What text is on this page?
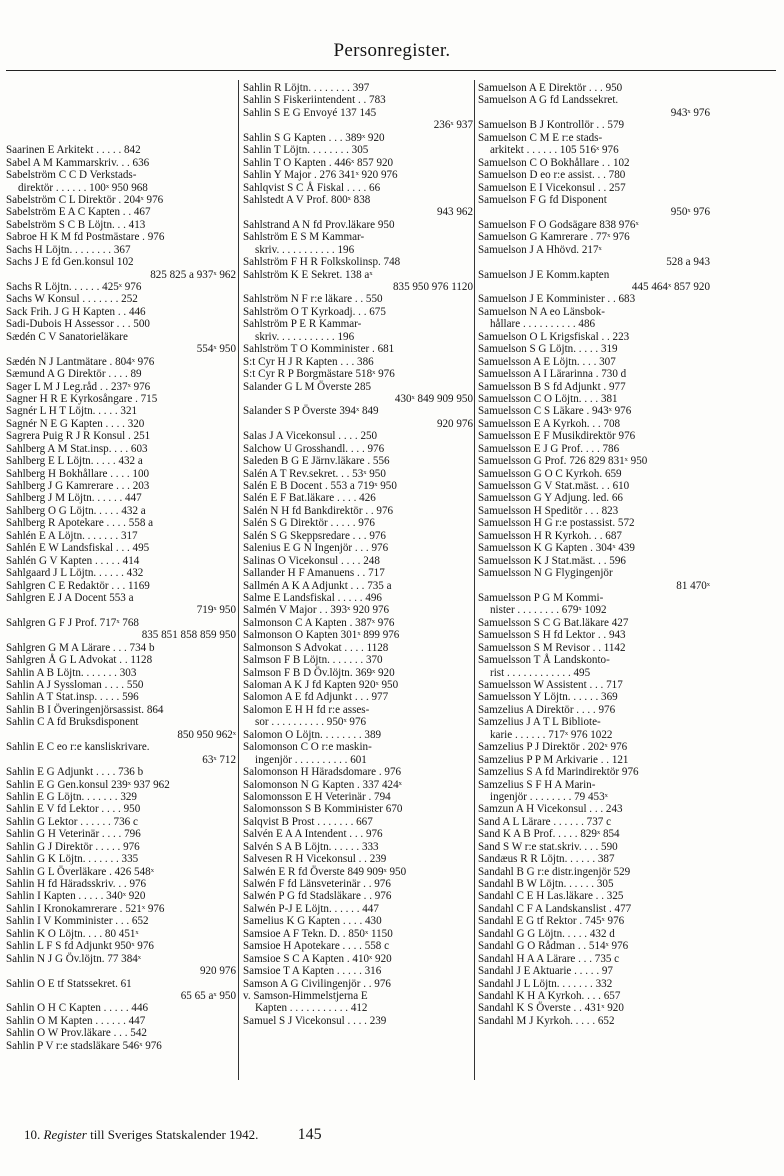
Personregister.
Saarinen E Arkitekt . . . . . 842
Sabel A M Kammarskriv. . . 636
Sabelström C C D Verkstads-
direktör . . . . . . 100ˣ 950 968
Sabelström C L Direktör . 204ˣ 976
Sabelström E A C Kapten . . 467
Sabelström S C B Löjtn. . . 413
Sabroe H K M fd Postmästare . 976
Sachs H Löjtn. . . . . . . . 367
Sachs J E fd Gen.konsul 102
825 825 a 937ˣ 962
Sachs R Löjtn. . . . . . 425ˣ 976
Sachs W Konsul . . . . . . . 252
Sack Frih. J G H Kapten . . 446
Sadi-Dubois H Assessor . . . 500
Sædén C V Sanatorieläkare
554ˣ 950
Sædén N J Lantmätare . 804ˣ 976
Sæmund A G Direktör . . . . 89
Sager L M J Leg.råd . . 237ˣ 976
Sagner H R E Kyrkosångare . 715
Sagnér L H T Löjtn. . . . . 321
Sagnér N E G Kapten . . . . 320
Sagrera Puig R J R Konsul . 251
Sahlberg A M Stat.insp. . . . 603
Sahlberg E L Löjtn. . . . . 432 a
Sahlberg H Bokhållare . . . . 100
Sahlberg J G Kamrerare . . . 203
Sahlberg J M Löjtn. . . . . . 447
Sahlberg O G Löjtn. . . . . 432 a
Sahlberg R Apotekare . . . . 558 a
Sahlén E A Löjtn. . . . . . . 317
Sahlén E W Landsfiskal . . . 495
Sahlén G V Kapten . . . . . 414
Sahlgaard J L Löjtn. . . . . . 432
Sahlgren C E Redaktör . . . 1169
Sahlgren E J A Docent 553 a
719ˣ 950
Sahlgren G F J Prof. 717ˣ 768
835 851 858 859 950
Sahlgren G M A Lärare . . . 734 b
Sahlgren Å G L Advokat . . 1128
Sahlin A B Löjtn. . . . . . . 303
Sahlin A J Syssloman . . . . 550
Sahlin A T Stat.insp. . . . . 596
Sahlin B I Överingenjörsassist. 864
Sahlin C A fd Bruksdisponent
850 950 962ˣ
Sahlin E C eo r:e kansliskrivare.
63ˣ 712
Sahlin E G Adjunkt . . . . 736 b
Sahlin E G Gen.konsul 239ˣ 937 962
Sahlin E G Löjtn. . . . . . . 329
Sahlin E V fd Lektor . . . . 950
Sahlin G Lektor . . . . . . 736 c
Sahlin G H Veterinär . . . . 796
Sahlin G J Direktör . . . . . 976
Sahlin G K Löjtn. . . . . . . 335
Sahlin G L Överläkare . 426 548ˣ
Sahlin H fd Häradsskriv. . . 976
Sahlin I Kapten . . . . . 340ˣ 920
Sahlin I Kronokamrerare . 521ˣ 976
Sahlin I V Komminister . . . 652
Sahlin K O Löjtn. . . . 80 451ˣ
Sahlin L F S fd Adjunkt 950ˣ 976
Sahlin N J G Öv.löjtn. 77 384ˣ
920 976
Sahlin O E tf Statssekret. 61
65 65 aˣ 950
Sahlin O H C Kapten . . . . . 446
Sahlin O M Kapten . . . . . . 447
Sahlin O W Prov.läkare . . . 542
Sahlin P V r:e stadsläkare 546ˣ 976
Sahlin R Löjtn. . . . . . . . 397
Sahlin S Fiskeriintendent . . 783
Sahlin S E G Envoyé 137 145
236ˣ 937
Sahlin S G Kapten . . . 389ˣ 920
Sahlin T Löjtn. . . . . . . . 305
Sahlin T O Kapten . 446ˣ 857 920
Sahlin Y Major . 276 341ˣ 920 976
Sahlqvist S C Å Fiskal . . . . 66
Sahlstedt A V Prof. 800ˣ 838
943 962
Sahlstrand A N fd Prov.läkare 950
Sahlström E S M Kammar-
skriv. . . . . . . . . . . 196
Sahlström F H R Folkskolinsp. 748
Sahlström K E Sekret. 138 aˣ
835 950 976 1120
Sahlström N F r:e läkare . . 550
Sahlström O T Kyrkoadj. . . 675
Sahlström P E R Kammar-
skriv. . . . . . . . . . . 196
Sahlström T O Komminister . 681
S:t Cyr H J R Kapten . . . 386
S:t Cyr R P Borgmästare 518ˣ 976
Salander G L M Överste 285
430ˣ 849 909 950
Salander S P Överste 394ˣ 849
920 976
Salas J A Vicekonsul . . . . 250
Salchow U Grosshandl. . . . 976
Saleden B G E Järnv.läkare . 556
Salén A T Rev.sekret. . . 53ˣ 950
Salén E B Docent . 553 a 719ˣ 950
Salén E F Bat.läkare . . . . 426
Salén N H fd Bankdirektör . . 976
Salén S G Direktör . . . . . 976
Salén S G Skeppsredare . . . 976
Salenius E G N Ingenjör . . . 976
Salinas O Vicekonsul . . . . 248
Sallander H F Amanuens . . 717
Sallmén A K A Adjunkt . . . 735 a
Salme E Landsfiskal . . . . . 496
Salmén V Major . . 393ˣ 920 976
Salmonson C A Kapten . 387ˣ 976
Salmonson O Kapten 301ˣ 899 976
Salmonson S Advokat . . . . 1128
Salmson F B Löjtn. . . . . . . 370
Salmson F B D Öv.löjtn. 369ˣ 920
Saloman A K J fd Kapten 920ˣ 950
Salomon A E fd Adjunkt . . . 977
Salomon E H H fd r:e asses-
sor . . . . . . . . . . 950ˣ 976
Salomon O Löjtn. . . . . . . . 389
Salomonson C O r:e maskin-
ingenjör . . . . . . . . . . 601
Salomonson H Häradsdomare . 976
Salomonson N G Kapten . 337 424ˣ
Salomonsson E H Veterinär . 794
Salomonsson S B Kommінister 670
Salqvist B Prost . . . . . . . 667
Salvén E A A Intendent . . . 976
Salvén S A B Löjtn. . . . . . 333
Salvesen R H Vicekonsul . . 239
Salwén E R fd Överste 849 909ˣ 950
Salwén F fd Länsveterinär . . 976
Salwén P G fd Stadsläkare . . 976
Salwén P-J E Löjtn. . . . . . 447
Samelius K G Kapten . . . . 430
Samsioe A F Tekn. D. . 850ˣ 1150
Samsioe H Apotekare . . . . 558 c
Samsioe S C A Kapten . 410ˣ 920
Samsioe T A Kapten . . . . . 316
Samson A G Civilingenjör . . 976
v. Samson-Himmelstjerna E
Kapten . . . . . . . . . . . 412
Samuel S J Vicekonsul . . . . 239
Samuelson A E Direktör . . . 950
Samuelson A G fd Landssekret.
943ˣ 976
Samuelson B J Kontrollör . . 579
Samuelson C M E r:e stads-
arkitekt . . . . . . 105 516ˣ 976
Samuelson C O Bokhållare . . 102
Samuelson D eo r:e assist. . . 780
Samuelson E I Vicekonsul . . 257
Samuelson F G fd Disponent
950ˣ 976
Samuelson F O Godsägare 838 976ˣ
Samuelson G Kamrerare . 77ˣ 976
Samuelson J A Hhövd. 217ˣ
528 a 943
Samuelson J E Komm.kapten
445 464ˣ 857 920
Samuelson J E Kommіnister . . 683
Samuelson N A eo Länsbok-
hållare . . . . . . . . . . 486
Samuelson O L Krigsfiskal . . 223
Samuelson S G Löjtn. . . . . 319
Samuelsson A E Löjtn. . . . 307
Samuelsson A I Lärarinna . 730 d
Samuelsson B S fd Adjunkt . 977
Samuelsson C O Löjtn. . . . 381
Samuelsson C S Läkare . 943ˣ 976
Samuelsson E A Kyrkoh. . . 708
Samuelsson E F Musikdirektör 976
Samuelsson E J G Prof. . . . 786
Samuelsson G Prof. 726 829 831ˣ 950
Samuelsson G O C Kyrkoh. 659
Samuelsson G V Stat.mäst. . . 610
Samuelsson G Y Adjung. led. 66
Samuelsson H Speditör . . . 823
Samuelsson H G r:e postassist. 572
Samuelsson H R Kyrkoh. . . 687
Samuelsson K G Kapten . 304ˣ 439
Samuelsson K J Stat.mäst. . . 596
Samuelsson N G Flygingenjör
81 470ˣ
Samuelsson P G M Kommi-
nister . . . . . . . . 679ˣ 1092
Samuelsson S C G Bat.läkare 427
Samuelsson S H fd Lektor . . 943
Samuelsson S M Revisor . . 1142
Samuelsson T Å Landskonto-
rist . . . . . . . . . . . . 495
Samuelsson W Assistent . . . 717
Samuelsson Y Löjtn. . . . . . 369
Samzelius A Direktör . . . . 976
Samzelius J A T L Bibliote-
karie . . . . . . 717ˣ 976 1022
Samzelius P J Direktör . 202ˣ 976
Samzelius P P M Arkivarie . . 121
Samzelius S A fd Marindirektör 976
Samzelius S F H A Marin-
ingenjör . . . . . . . . 79 453ˣ
Samzun A H Vicekonsul . . . 243
Sand A L Lärare . . . . . . 737 c
Sand K A B Prof. . . . . 829ˣ 854
Sand S W r:e stat.skriv. . . . 590
Sandæus R R Löjtn. . . . . . 387
Sandahl B G r:e distr.ingenjör 529
Sandahl B W Löjtn. . . . . . 305
Sandahl C E H Las.läkare . . 325
Sandahl C F A Landskanslist . 477
Sandahl E G tf Rektor . 745ˣ 976
Sandahl G G Löjtn. . . . . 432 d
Sandahl G O Rådman . . 514ˣ 976
Sandahl H A A Lärare . . . 735 c
Sandahl J E Aktuarie . . . . . 97
Sandahl J L Löjtn. . . . . . . 332
Sandahl K H A Kyrkoh. . . . 657
Sandahl K S Överste . . 431ˣ 920
Sandahl M J Kyrkoh. . . . . 652
10. Register till Sveriges Statskalender 1942. 145
